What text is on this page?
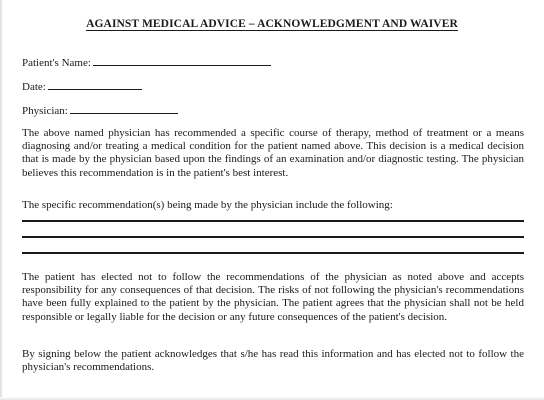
AGAINST MEDICAL ADVICE – ACKNOWLEDGMENT AND WAIVER
Patient's Name:
Date:
Physician:
The above named physician has recommended a specific course of therapy, method of treatment or a means diagnosing and/or treating a medical condition for the patient named above. This decision is a medical decision that is made by the physician based upon the findings of an examination and/or diagnostic testing. The physician believes this recommendation is in the patient's best interest.
The specific recommendation(s) being made by the physician include the following:
The patient has elected not to follow the recommendations of the physician as noted above and accepts responsibility for any consequences of that decision. The risks of not following the physician's recommendations have been fully explained to the patient by the physician. The patient agrees that the physician shall not be held responsible or legally liable for the decision or any future consequences of the patient's decision.
By signing below the patient acknowledges that s/he has read this information and has elected not to follow the physician's recommendations.
